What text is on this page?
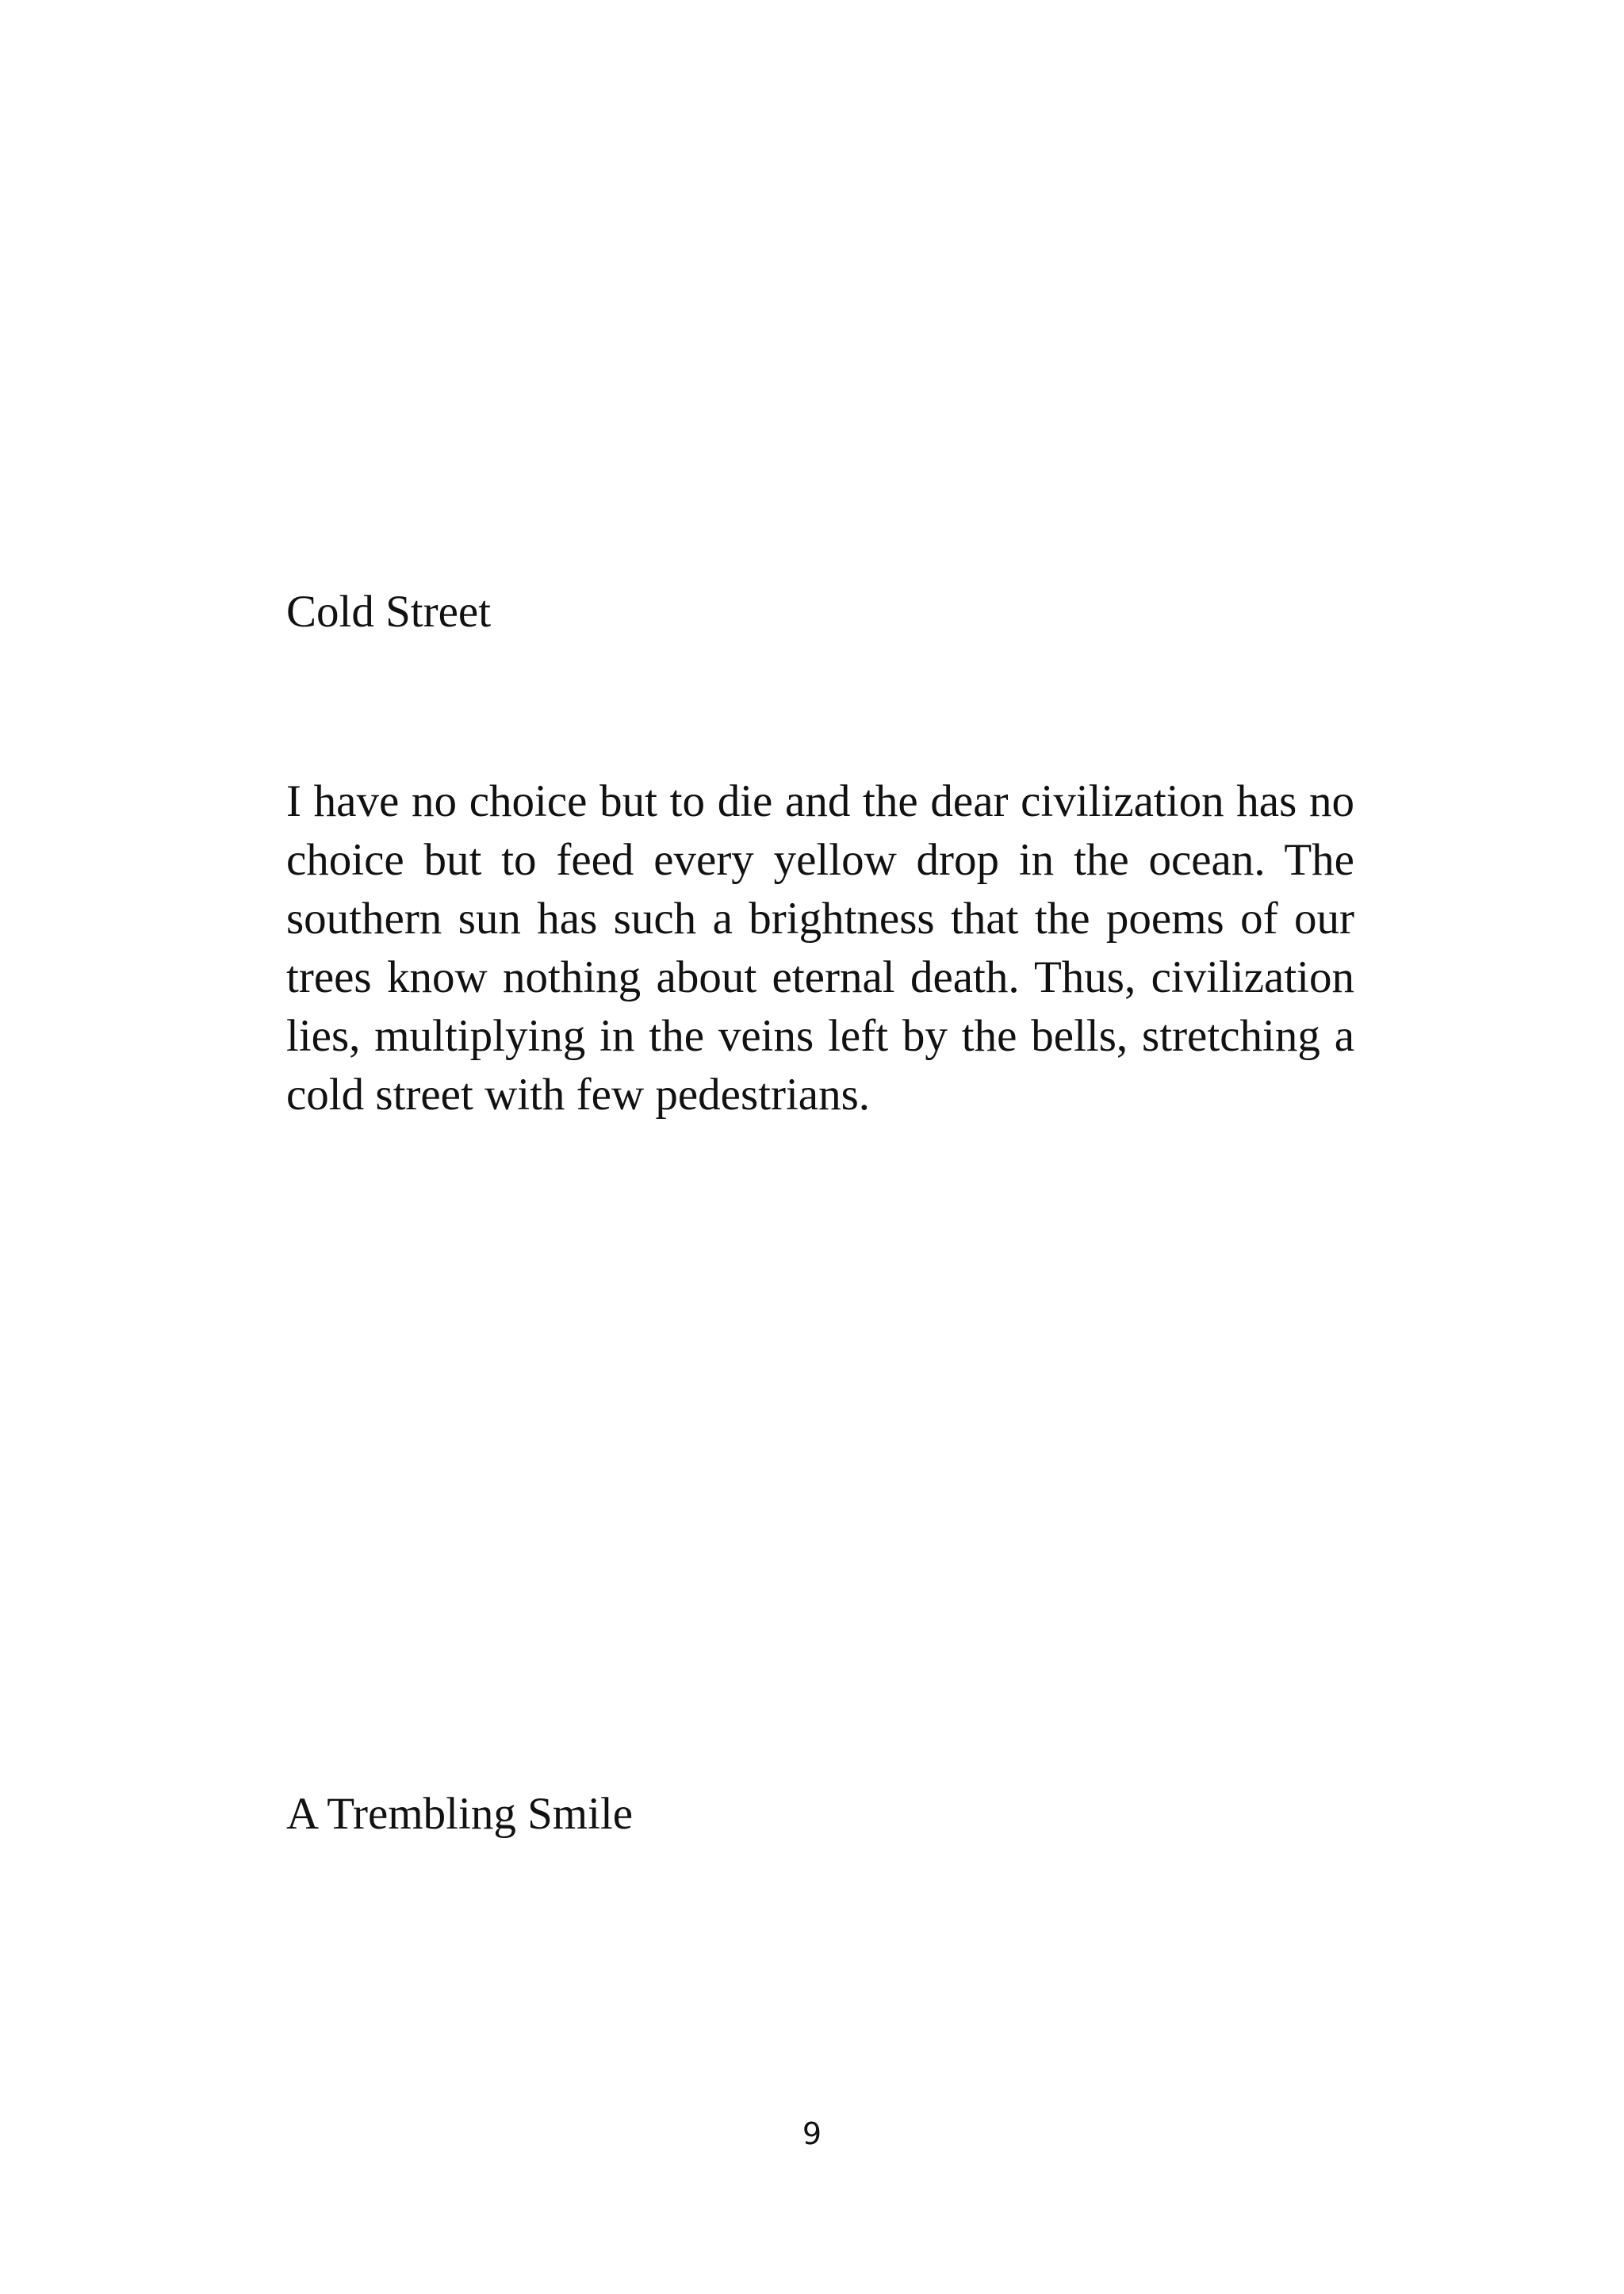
Cold Street

I have no choice but to die and the dear civilization has no choice but to feed every yellow drop in the ocean. The southern sun has such a brightness that the poems of our trees know nothing about eternal death. Thus, civilization lies, multiplying in the veins left by the bells, stretching a cold street with few pedestrians.

A Trembling Smile
9
